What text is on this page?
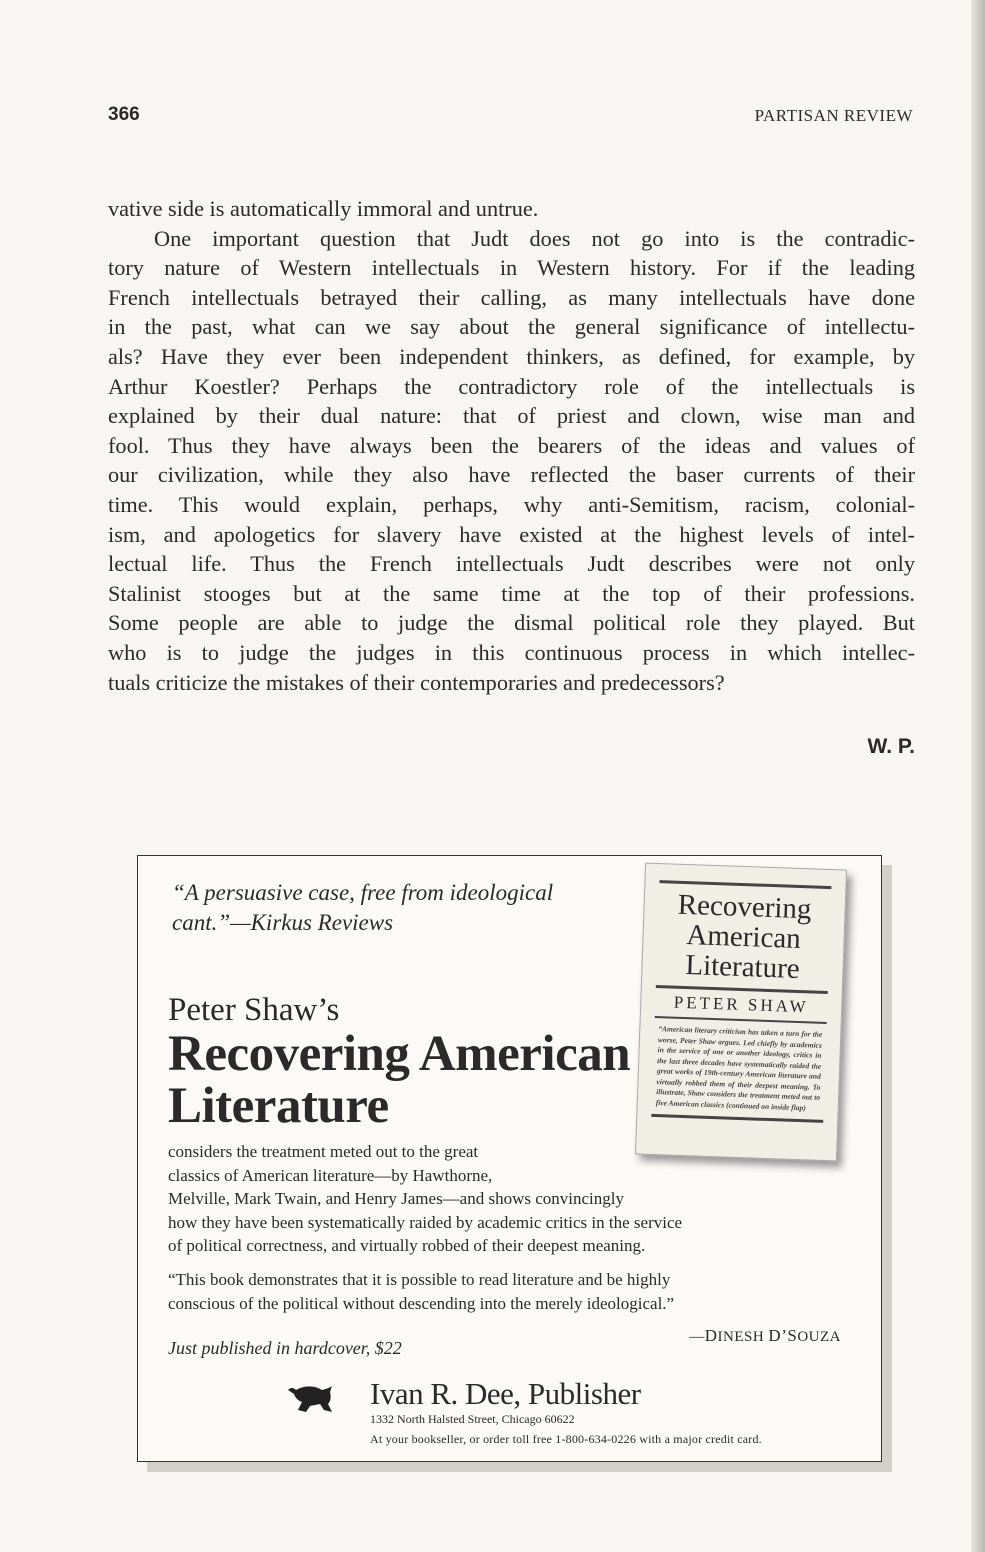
366	PARTISAN REVIEW
vative side is automatically immoral and untrue.
One important question that Judt does not go into is the contradic-
tory nature of Western intellectuals in Western history. For if the leading
French intellectuals betrayed their calling, as many intellectuals have done
in the past, what can we say about the general significance of intellectu-
als? Have they ever been independent thinkers, as defined, for example, by
Arthur Koestler? Perhaps the contradictory role of the intellectuals is
explained by their dual nature: that of priest and clown, wise man and
fool. Thus they have always been the bearers of the ideas and values of
our civilization, while they also have reflected the baser currents of their
time. This would explain, perhaps, why anti-Semitism, racism, colonial-
ism, and apologetics for slavery have existed at the highest levels of intel-
lectual life. Thus the French intellectuals Judt describes were not only
Stalinist stooges but at the same time at the top of their professions.
Some people are able to judge the dismal political role they played. But
who is to judge the judges in this continuous process in which intellec-
tuals criticize the mistakes of their contemporaries and predecessors?
W. P.
“A persuasive case, free from ideological
cant.”—Kirkus Reviews
Peter Shaw’s
Recovering American
Literature
considers the treatment meted out to the great
classics of American literature—by Hawthorne,
Melville, Mark Twain, and Henry James—and shows convincingly
how they have been systematically raided by academic critics in the service
of political correctness, and virtually robbed of their deepest meaning.
“This book demonstrates that it is possible to read literature and be highly
conscious of the political without descending into the merely ideological.”
—DINESH D’SOUZA
Just published in hardcover, $22
Ivan R. Dee, Publisher
1332 North Halsted Street, Chicago 60622
At your bookseller, or order toll free 1-800-634-0226 with a major credit card.
Recovering
American
Literature
PETER SHAW
“American literary criticism has taken a turn for the worse, Peter Shaw argues. Led chiefly by academics in the service of one or another ideology, critics in the last three decades have systematically raided the great works of 19th-century American literature and virtually robbed them of their deepest meaning. To illustrate, Shaw considers the treatment meted out to five American classics (continued on inside flap)
